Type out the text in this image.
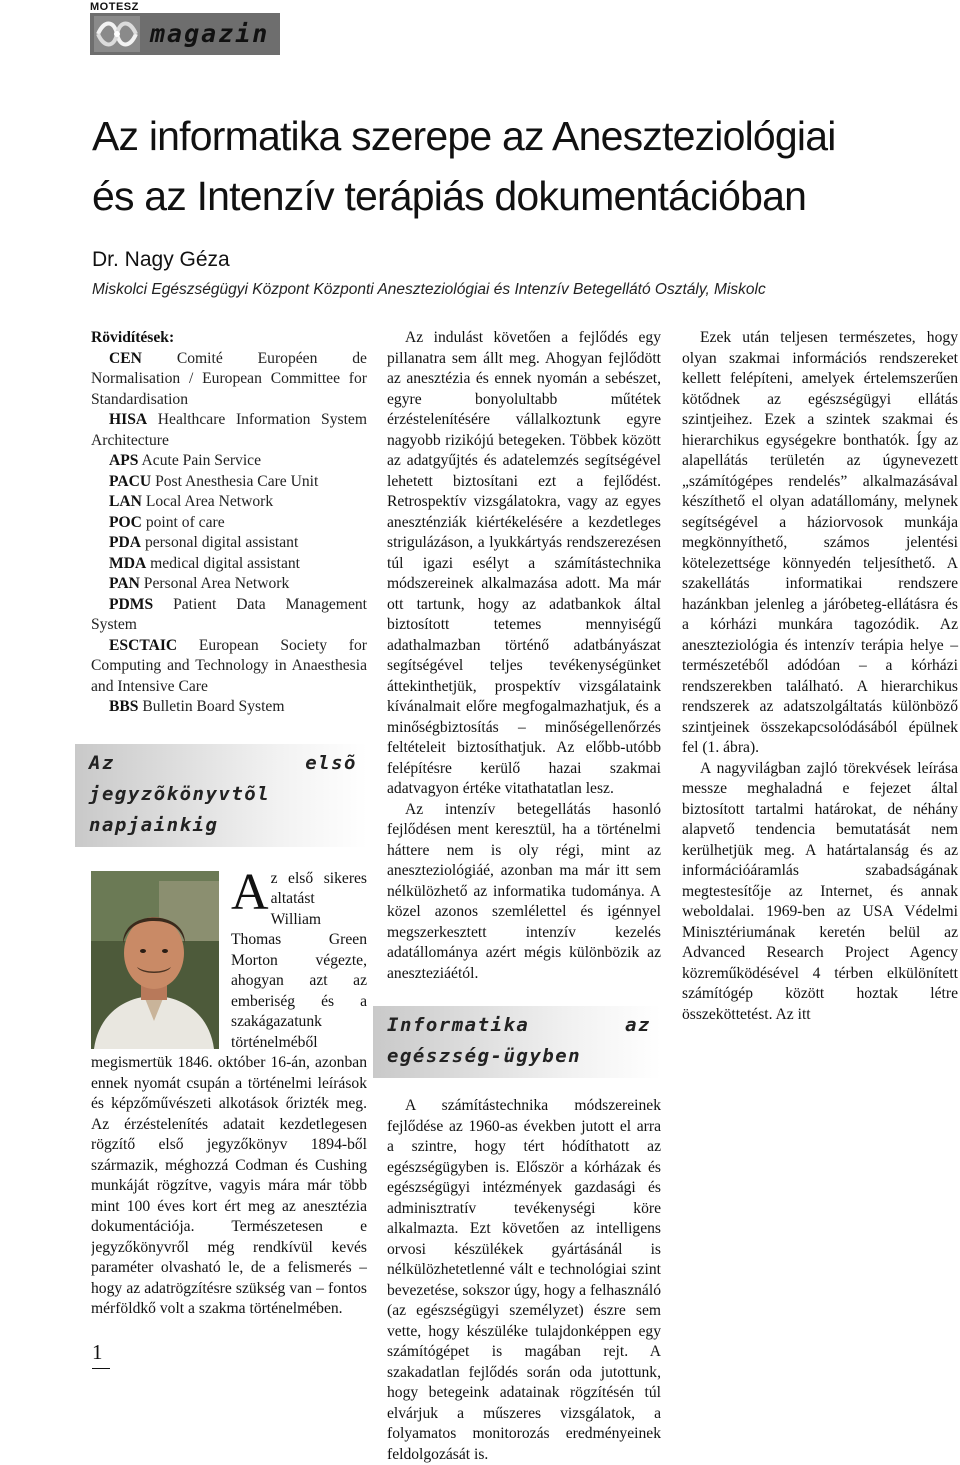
MOTESZ
magazin
Az informatika szerepe az Aneszteziológiai
és az Intenzív terápiás dokumentációban
Dr. Nagy Géza
Miskolci Egészségügyi Központ Központi Aneszteziológiai és Intenzív Betegellátó Osztály, Miskolc
Rövidítések:

CEN Comité Européen de Normalisation / European Committee for Standardisation

HISA Healthcare Information System Architecture

APS Acute Pain Service

PACU Post Anesthesia Care Unit

LAN Local Area Network

POC point of care

PDA personal digital assistant

MDA medical digital assistant

PAN Personal Area Network

PDMS Patient Data Management System

ESCTAIC European Society for Computing and Technology in Anaesthesia and Intensive Care

BBS Bulletin Board System

Az elsõ jegyzõkönyvtõl napjainkig
Az első sikeres altatást William Thomas Green Morton végezte, ahogyan azt az emberiség és a szakágazatunk történelméből megismertük 1846. október 16-án, azonban ennek nyomát csupán a történelmi leírások és képzőművészeti alkotások őrizték meg. Az érzéstelenítés adatait kezdetlegesen rögzítő első jegyzőkönyv 1894-ből származik, méghozzá Codman és Cushing munkáját rögzítve, vagyis mára már több mint 100 éves kort ért meg az anesztézia dokumentációja. Természetesen e jegyzőkönyvről még rendkívül kevés paraméter olvasható le, de a felismerés – hogy az adatrögzítésre szükség van – fontos mérföldkő volt a szakma történelmében.

Az indulást követően a fejlődés egy pillanatra sem állt meg. Ahogyan fejlődött az anesztézia és ennek nyomán a sebészet, egyre bonyolultabb műtétek érzéstelenítésére vállalkoztunk egyre nagyobb rizikójú betegeken. Többek között az adatgyűjtés és adatelemzés segítségével lehetett biztosítani ezt a fejlődést. Retrospektív vizsgálatokra, vagy az egyes aneszténziák kiértékelésére a kezdetleges strigulázáson, a lyukkártyás rendszerezésen túl igazi esélyt a számítástechnika módszereinek alkalmazása adott. Ma már ott tartunk, hogy az adatbankok által biztosított tetemes mennyiségű adathalmazban történő adatbányászat segítségével teljes tevékenységünket áttekinthetjük, prospektív vizsgálataink kívánalmait előre megfogalmazhatjuk, és a minőségbiztosítás – minőségellenőrzés feltételeit biztosíthatjuk. Az előbb-utóbb felépítésre kerülő hazai szakmai adatvagyon értéke vitathatatlan lesz.

Az intenzív betegellátás hasonló fejlődésen ment keresztül, ha a történelmi háttere nem is oly régi, mint az aneszteziológiáé, azonban ma már itt sem nélkülözhető az informatika tudománya. A közel azonos szemlélettel és igénnyel megszerkesztett intenzív kezelés adatállománya azért mégis különbözik az aneszteziáétól.

Informatika az egészség-ügyben

A számítástechnika módszereinek fejlődése az 1960-as években jutott el arra a szintre, hogy tért hódíthatott az egészségügyben is. Először a kórházak és egészségügyi intézmények gazdasági és adminisztratív tevékenységi köre alkalmazta. Ezt követően az intelligens orvosi készülékek gyártásánál is nélkülözhetetlenné vált e technológiai szint bevezetése, sokszor úgy, hogy a felhasználó (az egészségügyi személyzet) észre sem vette, hogy készüléke tulajdonképpen egy számítógépet is magában rejt. A szakadatlan fejlődés során oda jutottunk, hogy betegeink adatainak rögzítésén túl elvárjuk a műszeres vizsgálatok, a folyamatos monitorozás eredményeinek feldolgozását is.

Ezek után teljesen természetes, hogy olyan szakmai információs rendszereket kellett felépíteni, amelyek értelemszerűen kötődnek az egészségügyi ellátás szintjeihez. Ezek a szintek szakmai és hierarchikus egységekre bonthatók. Így az alapellátás területén az úgynevezett „számítógépes rendelés” alkalmazásával készíthető el olyan adatállomány, melynek segítségével a háziorvosok munkája megkönnyíthető, számos jelentési kötelezettsége könnyedén teljesíthető. A szakellátás informatikai rendszere hazánkban jelenleg a járóbeteg-ellátásra és a kórházi munkára tagozódik. Az aneszteziológia és intenzív terápia helye – természetéből adódóan – a kórházi rendszerekben található. A hierarchikus rendszerek az adatszolgáltatás különböző szintjeinek összekapcsolódásából épülnek fel (1. ábra).

A nagyvilágban zajló törekvések leírása messze meghaladná e fejezet által biztosított tartalmi határokat, de néhány alapvető tendencia bemutatását nem kerülhetjük meg. A határtalanság és az információáramlás szabadságának megtestesítője az Internet, és annak weboldalai. 1969-ben az USA Védelmi Minisztériumának keretén belül az Advanced Research Project Agency közreműködésével 4 térben elkülönített számítógép között hoztak létre összeköttetést. Az itt

1
